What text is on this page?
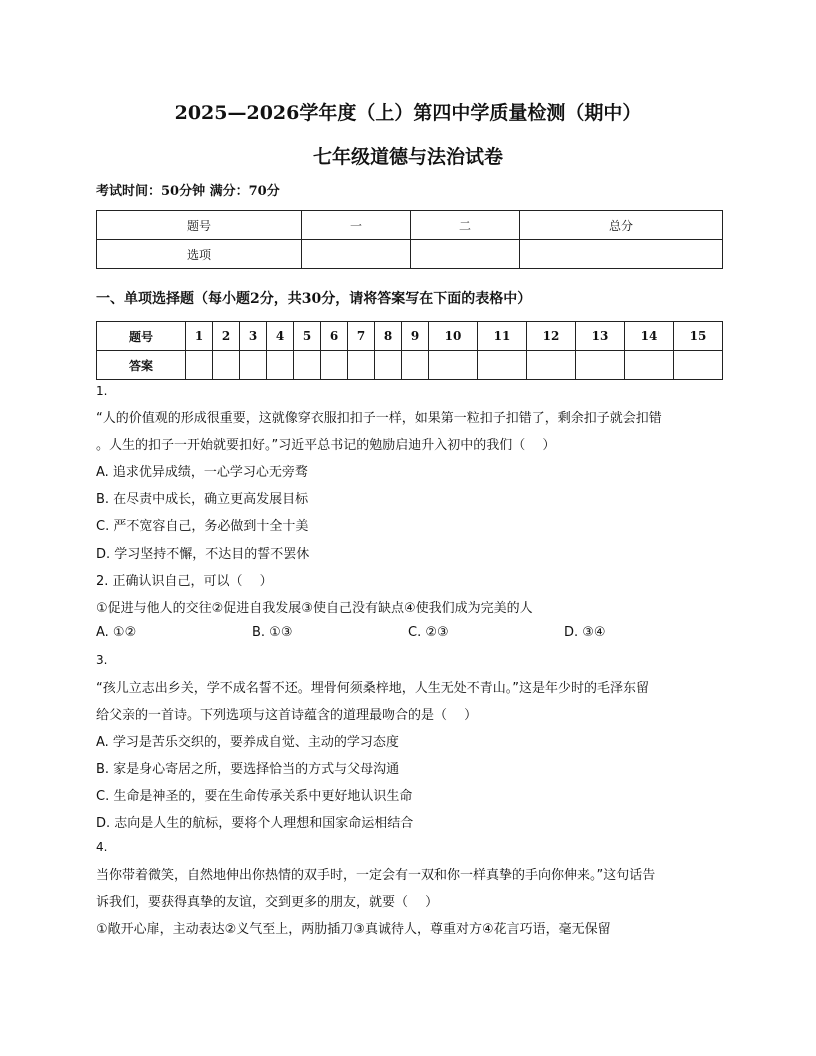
2025—2026学年度（上）第四中学质量检测（期中）
七年级道德与法治试卷
考试时间：50分钟 满分：70分
题号	一	二	总分
选项			
一、单项选择题（每小题2分，共30分，请将答案写在下面的表格中）
题号	1	2	3	4	5	6	7	8	9	10	11	12	13	14	15
答案															
1.
“人的价值观的形成很重要，这就像穿衣服扣扣子一样，如果第一粒扣子扣错了，剩余扣子就会扣错
。人生的扣子一开始就要扣好。”习近平总书记的勉励启迪升入初中的我们（　 ）
A. 追求优异成绩，一心学习心无旁骛
B. 在尽责中成长，确立更高发展目标
C. 严不宽容自己，务必做到十全十美
D. 学习坚持不懈，不达目的誓不罢休
2. 正确认识自己，可以（　 ）
①促进与他人的交往②促进自我发展③使自己没有缺点④使我们成为完美的人
A. ①②	B. ①③	C. ②③	D. ③④
3.
“孩儿立志出乡关，学不成名誓不还。埋骨何须桑梓地，人生无处不青山。”这是年少时的毛泽东留
给父亲的一首诗。下列选项与这首诗蕴含的道理最吻合的是（　 ）
A. 学习是苦乐交织的，要养成自觉、主动的学习态度
B. 家是身心寄居之所，要选择恰当的方式与父母沟通
C. 生命是神圣的，要在生命传承关系中更好地认识生命
D. 志向是人生的航标，要将个人理想和国家命运相结合
4.
当你带着微笑，自然地伸出你热情的双手时，一定会有一双和你一样真挚的手向你伸来。”这句话告
诉我们，要获得真挚的友谊，交到更多的朋友，就要（　 ）
①敞开心扉，主动表达②义气至上，两肋插刀③真诚待人，尊重对方④花言巧语，毫无保留
